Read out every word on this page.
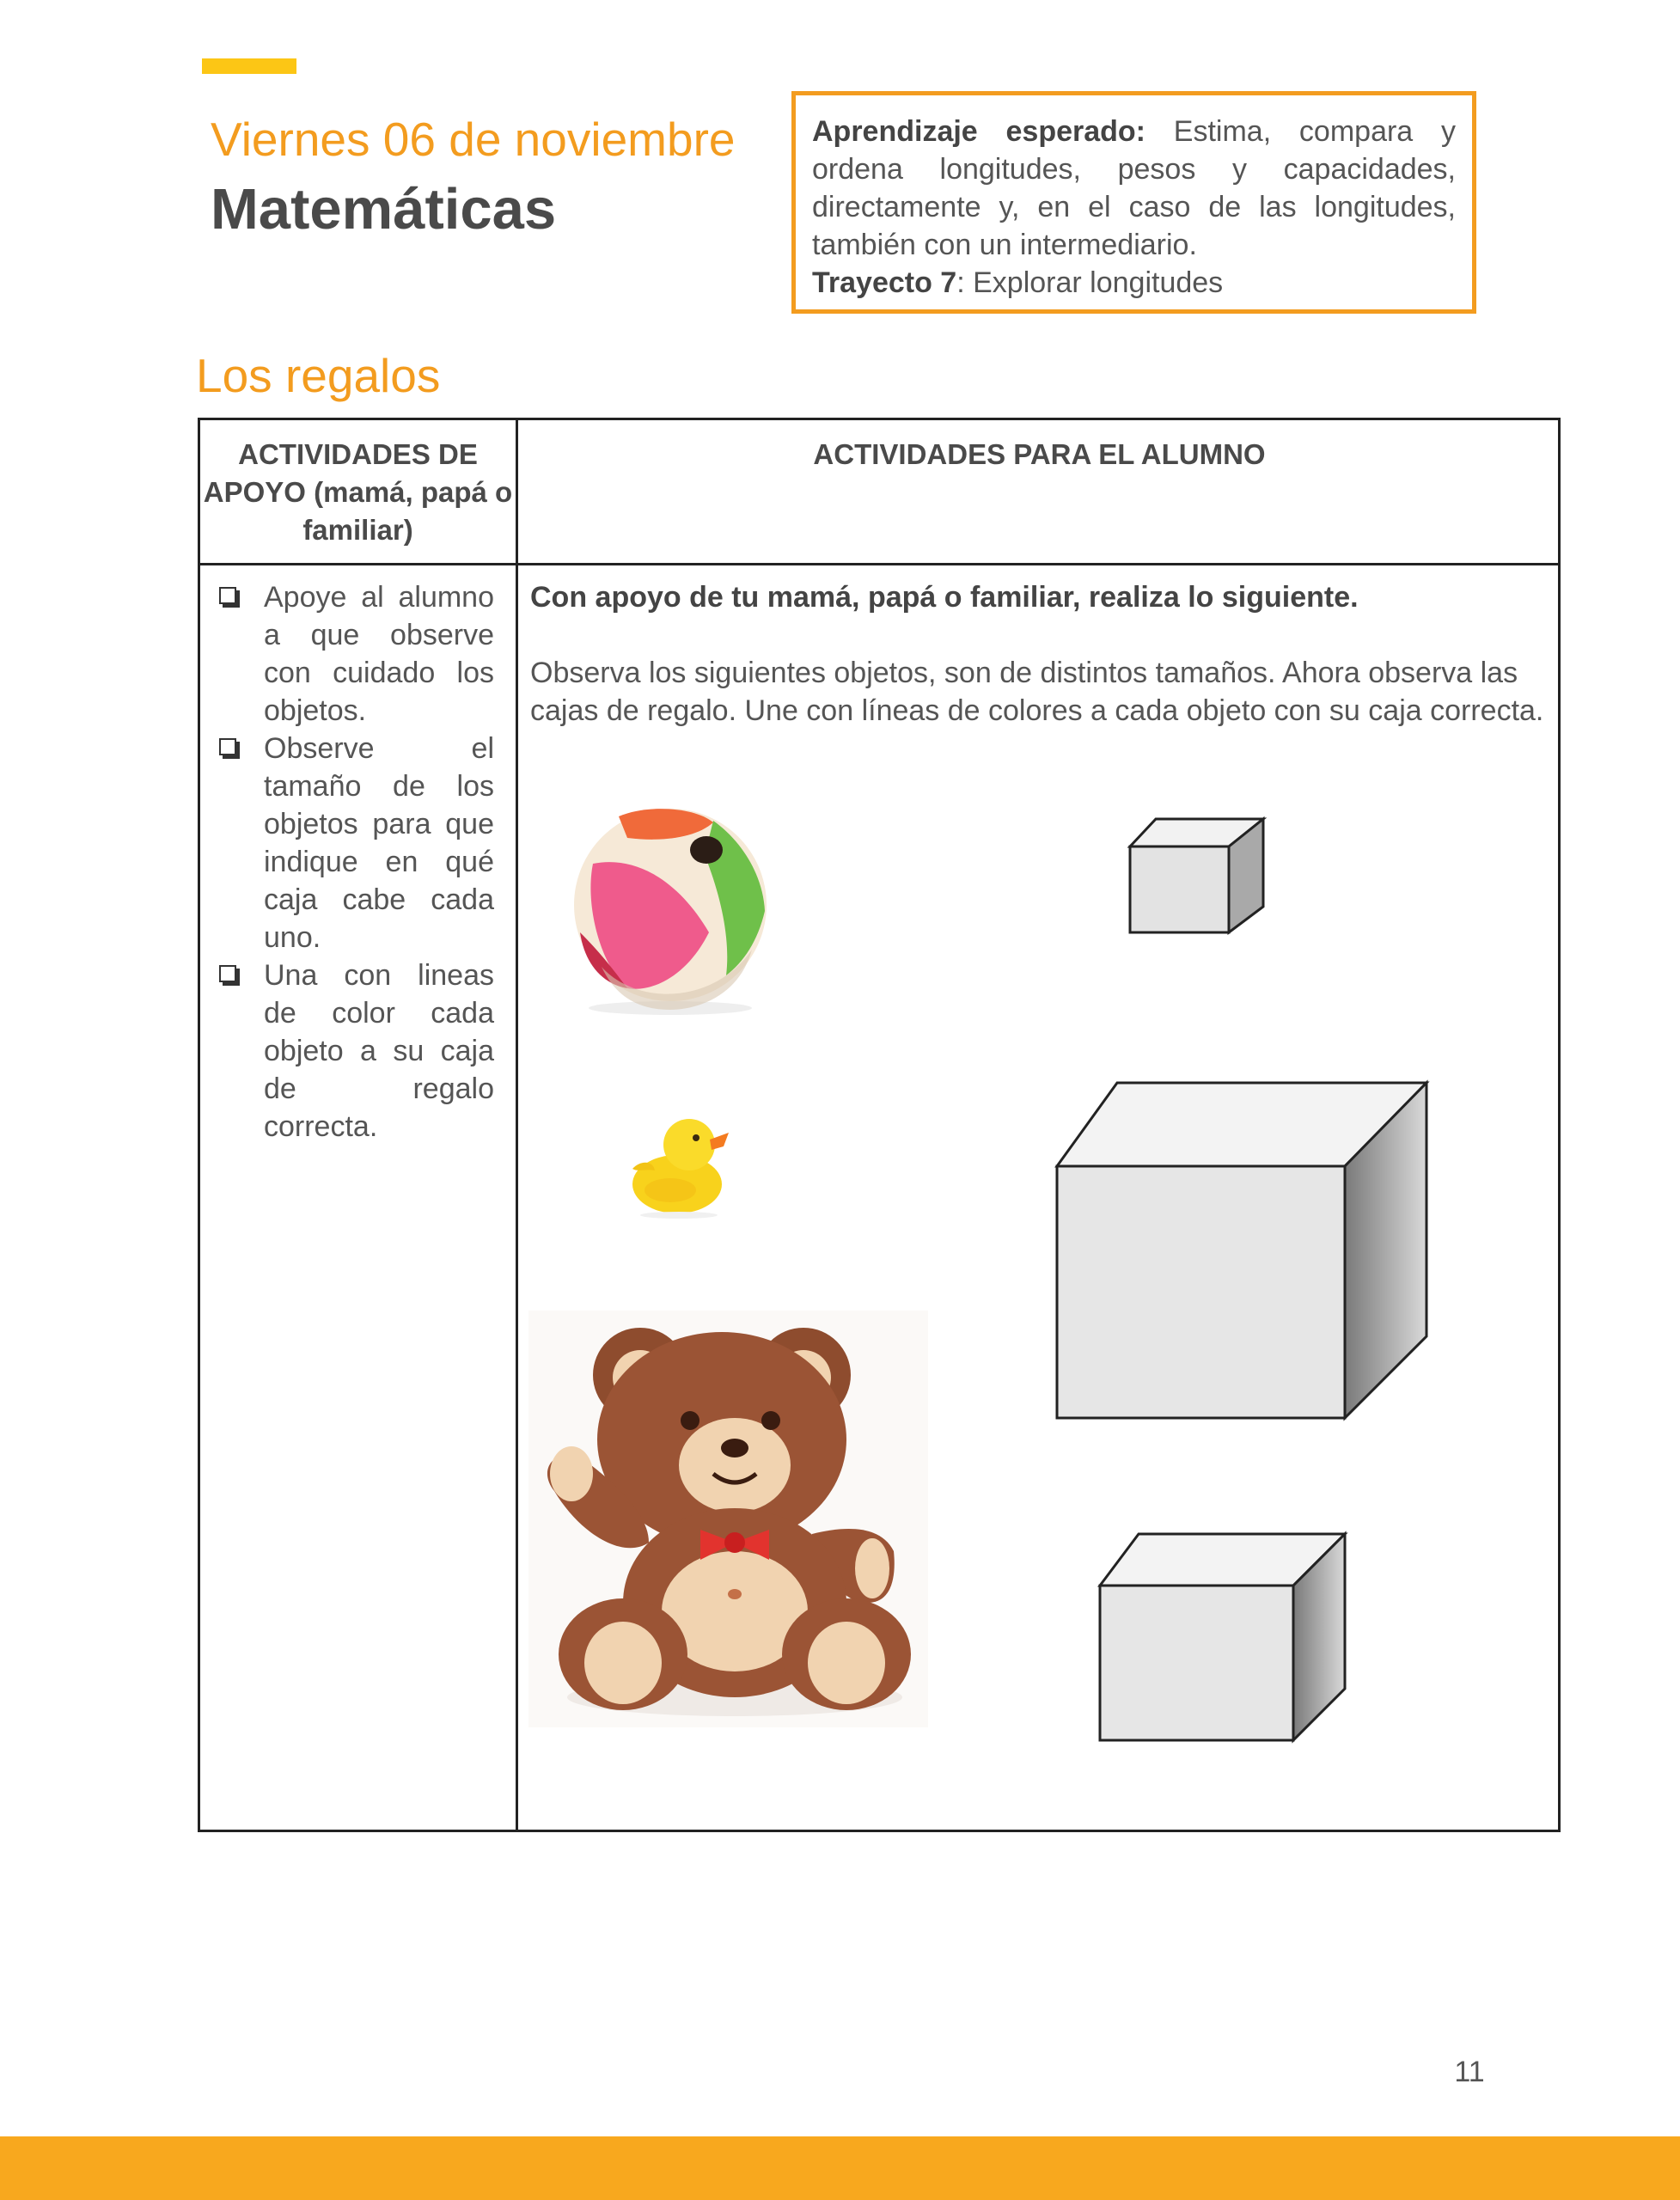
Viernes 06 de noviembre
Matemáticas

Aprendizaje esperado: Estima, compara y ordena longitudes, pesos y capacidades, directamente y, en el caso de las longitudes, también con un intermediario.

Trayecto 7: Explorar longitudes

Los regalos
ACTIVIDADES DE APOYO (mamá, papá o familiar)
ACTIVIDADES PARA EL ALUMNO
Apoye al alumno a que observe con cuidado los objetos.
Observe el tamaño de los objetos para que indique en qué caja cabe cada uno.
Una con lineas de color cada objeto a su caja de regalo correcta.

Con apoyo de tu mamá, papá o familiar, realiza lo siguiente.

Observa los siguientes objetos, son de distintos tamaños. Ahora observa las cajas de regalo. Une con líneas de colores a cada objeto con su caja correcta.

11
